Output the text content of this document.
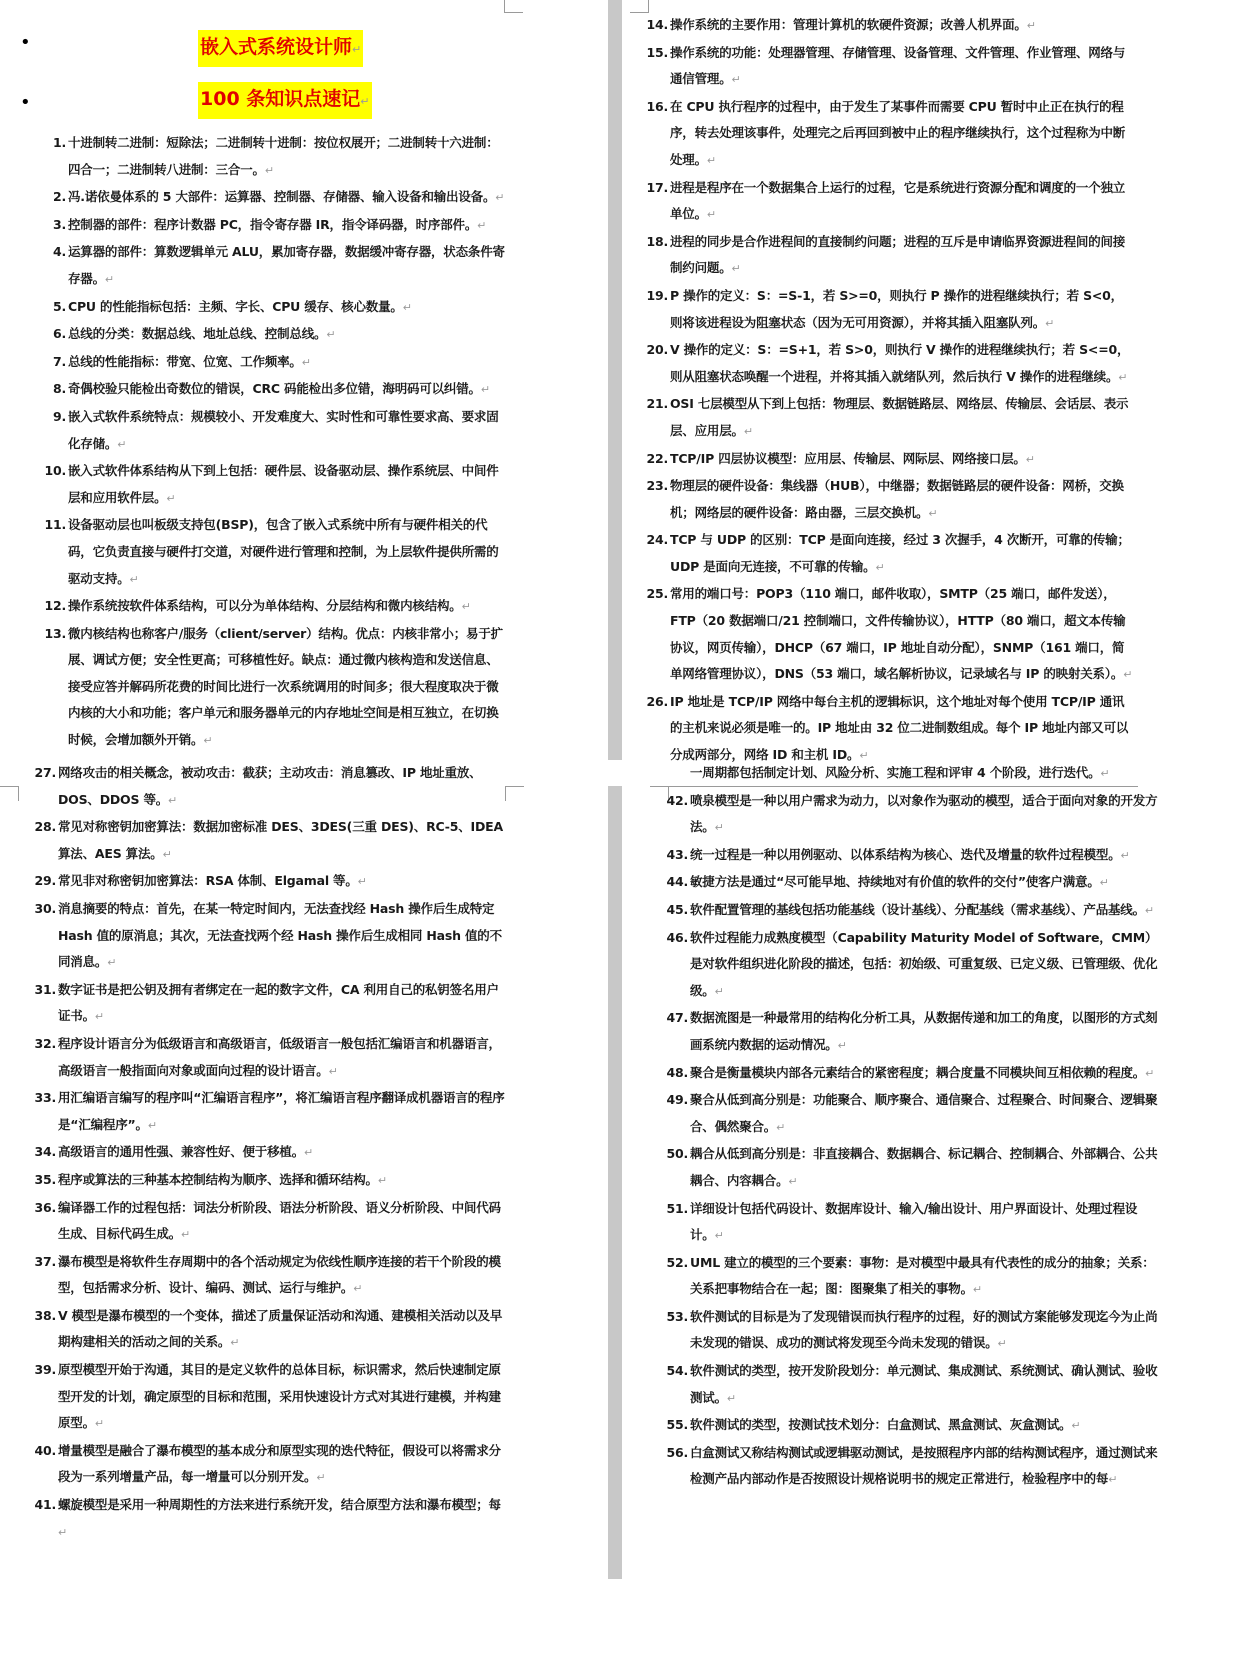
•
•
嵌入式系统设计师↵
100 条知识点速记↵
1. 十进制转二进制：短除法；二进制转十进制：按位权展开；二进制转十六进制：四合一；二进制转八进制：三合一。↵
2. 冯.诺依曼体系的 5 大部件：运算器、控制器、存储器、输入设备和输出设备。↵
3. 控制器的部件：程序计数器 PC，指令寄存器 IR，指令译码器，时序部件。↵
4. 运算器的部件：算数逻辑单元 ALU，累加寄存器，数据缓冲寄存器，状态条件寄存器。↵
5. CPU 的性能指标包括：主频、字长、CPU 缓存、核心数量。↵
6. 总线的分类：数据总线、地址总线、控制总线。↵
7. 总线的性能指标：带宽、位宽、工作频率。↵
8. 奇偶校验只能检出奇数位的错误，CRC 码能检出多位错，海明码可以纠错。↵
9. 嵌入式软件系统特点：规模较小、开发难度大、实时性和可靠性要求高、要求固化存储。↵
10. 嵌入式软件体系结构从下到上包括：硬件层、设备驱动层、操作系统层、中间件层和应用软件层。↵
11. 设备驱动层也叫板级支持包(BSP)，包含了嵌入式系统中所有与硬件相关的代码，它负责直接与硬件打交道，对硬件进行管理和控制，为上层软件提供所需的驱动支持。↵
12. 操作系统按软件体系结构，可以分为单体结构、分层结构和微内核结构。↵
13. 微内核结构也称客户/服务（client/server）结构。优点：内核非常小；易于扩展、调试方便；安全性更高；可移植性好。缺点：通过微内核构造和发送信息、接受应答并解码所花费的时间比进行一次系统调用的时间多；很大程度取决于微内核的大小和功能；客户单元和服务器单元的内存地址空间是相互独立，在切换时候，会增加额外开销。↵
14. 操作系统的主要作用：管理计算机的软硬件资源；改善人机界面。↵
15. 操作系统的功能：处理器管理、存储管理、设备管理、文件管理、作业管理、网络与通信管理。↵
16. 在 CPU 执行程序的过程中，由于发生了某事件而需要 CPU 暂时中止正在执行的程序，转去处理该事件，处理完之后再回到被中止的程序继续执行，这个过程称为中断处理。↵
17. 进程是程序在一个数据集合上运行的过程，它是系统进行资源分配和调度的一个独立单位。↵
18. 进程的同步是合作进程间的直接制约问题；进程的互斥是申请临界资源进程间的间接制约问题。↵
19. P 操作的定义：S：=S-1，若 S>=0，则执行 P 操作的进程继续执行；若 S<0，则将该进程设为阻塞状态（因为无可用资源），并将其插入阻塞队列。↵
20. V 操作的定义：S：=S+1，若 S>0，则执行 V 操作的进程继续执行；若 S<=0，则从阻塞状态唤醒一个进程，并将其插入就绪队列，然后执行 V 操作的进程继续。↵
21. OSI 七层模型从下到上包括：物理层、数据链路层、网络层、传输层、会话层、表示层、应用层。↵
22. TCP/IP 四层协议模型：应用层、传输层、网际层、网络接口层。↵
23. 物理层的硬件设备：集线器（HUB），中继器；数据链路层的硬件设备：网桥，交换机；网络层的硬件设备：路由器，三层交换机。↵
24. TCP 与 UDP 的区别：TCP 是面向连接，经过 3 次握手，4 次断开，可靠的传输；UDP 是面向无连接，不可靠的传输。↵
25. 常用的端口号：POP3（110 端口，邮件收取），SMTP（25 端口，邮件发送），FTP（20 数据端口/21 控制端口，文件传输协议），HTTP（80 端口，超文本传输协议，网页传输），DHCP（67 端口，IP 地址自动分配），SNMP（161 端口，简单网络管理协议），DNS（53 端口，域名解析协议，记录域名与 IP 的映射关系）。↵
26. IP 地址是 TCP/IP 网络中每台主机的逻辑标识，这个地址对每个使用 TCP/IP 通讯的主机来说必须是唯一的。IP 地址由 32 位二进制数组成。每个 IP 地址内部又可以分成两部分，网络 ID 和主机 ID。↵
27. 网络攻击的相关概念，被动攻击：截获；主动攻击：消息篡改、IP 地址重放、DOS、DDOS 等。↵
28. 常见对称密钥加密算法：数据加密标准 DES、3DES(三重 DES)、RC-5、IDEA 算法、AES 算法。↵
29. 常见非对称密钥加密算法：RSA 体制、Elgamal 等。↵
30. 消息摘要的特点：首先，在某一特定时间内，无法查找经 Hash 操作后生成特定 Hash 值的原消息；其次，无法查找两个经 Hash 操作后生成相同 Hash 值的不同消息。↵
31. 数字证书是把公钥及拥有者绑定在一起的数字文件，CA 利用自己的私钥签名用户证书。↵
32. 程序设计语言分为低级语言和高级语言，低级语言一般包括汇编语言和机器语言，高级语言一般指面向对象或面向过程的设计语言。↵
33. 用汇编语言编写的程序叫“汇编语言程序”，将汇编语言程序翻译成机器语言的程序是“汇编程序”。↵
34. 高级语言的通用性强、兼容性好、便于移植。↵
35. 程序或算法的三种基本控制结构为顺序、选择和循环结构。↵
36. 编译器工作的过程包括：词法分析阶段、语法分析阶段、语义分析阶段、中间代码生成、目标代码生成。↵
37. 瀑布模型是将软件生存周期中的各个活动规定为依线性顺序连接的若干个阶段的模型，包括需求分析、设计、编码、测试、运行与维护。↵
38. V 模型是瀑布模型的一个变体，描述了质量保证活动和沟通、建模相关活动以及早期构建相关的活动之间的关系。↵
39. 原型模型开始于沟通，其目的是定义软件的总体目标，标识需求，然后快速制定原型开发的计划，确定原型的目标和范围，采用快速设计方式对其进行建模，并构建原型。↵
40. 增量模型是融合了瀑布模型的基本成分和原型实现的迭代特征，假设可以将需求分段为一系列增量产品，每一增量可以分别开发。↵
41. 螺旋模型是采用一种周期性的方法来进行系统开发，结合原型方法和瀑布模型；每↵
一周期都包括制定计划、风险分析、实施工程和评审 4 个阶段，进行迭代。↵
42. 喷泉模型是一种以用户需求为动力，以对象作为驱动的模型，适合于面向对象的开发方法。↵
43. 统一过程是一种以用例驱动、以体系结构为核心、迭代及增量的软件过程模型。↵
44. 敏捷方法是通过“尽可能早地、持续地对有价值的软件的交付”使客户满意。↵
45. 软件配置管理的基线包括功能基线（设计基线）、分配基线（需求基线）、产品基线。↵
46. 软件过程能力成熟度模型（Capability Maturity Model of Software，CMM）是对软件组织进化阶段的描述，包括：初始级、可重复级、已定义级、已管理级、优化级。↵
47. 数据流图是一种最常用的结构化分析工具，从数据传递和加工的角度，以图形的方式刻画系统内数据的运动情况。↵
48. 聚合是衡量模块内部各元素结合的紧密程度；耦合度量不同模块间互相依赖的程度。↵
49. 聚合从低到高分别是：功能聚合、顺序聚合、通信聚合、过程聚合、时间聚合、逻辑聚合、偶然聚合。↵
50. 耦合从低到高分别是：非直接耦合、数据耦合、标记耦合、控制耦合、外部耦合、公共耦合、内容耦合。↵
51. 详细设计包括代码设计、数据库设计、输入/输出设计、用户界面设计、处理过程设计。↵
52. UML 建立的模型的三个要素：事物：是对模型中最具有代表性的成分的抽象；关系：关系把事物结合在一起；图：图聚集了相关的事物。↵
53. 软件测试的目标是为了发现错误而执行程序的过程，好的测试方案能够发现迄今为止尚未发现的错误、成功的测试将发现至今尚未发现的错误。↵
54. 软件测试的类型，按开发阶段划分：单元测试、集成测试、系统测试、确认测试、验收测试。↵
55. 软件测试的类型，按测试技术划分：白盒测试、黑盒测试、灰盒测试。↵
56. 白盒测试又称结构测试或逻辑驱动测试，是按照程序内部的结构测试程序，通过测试来检测产品内部动作是否按照设计规格说明书的规定正常进行，检验程序中的每↵
